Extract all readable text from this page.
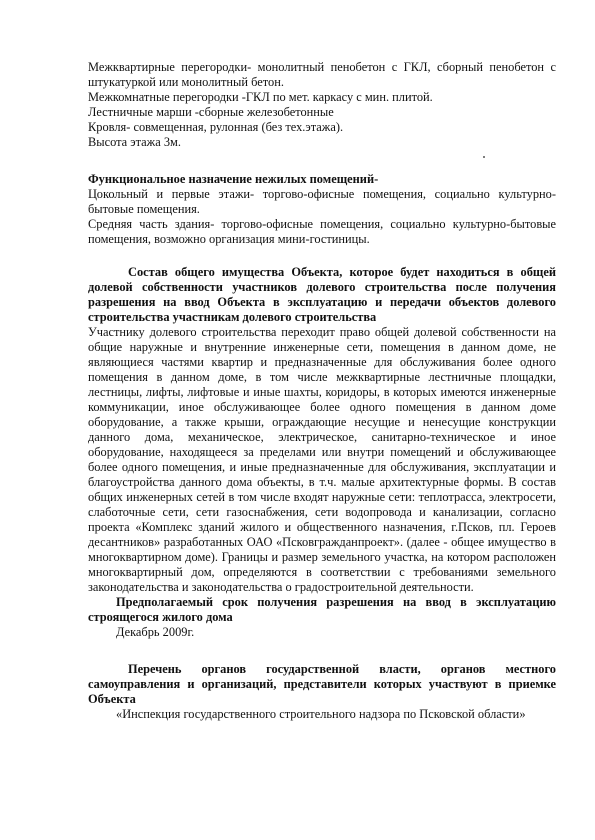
Межквартирные перегородки- монолитный пенобетон с ГКЛ, сборный пенобетон с штукатуркой или монолитный бетон.

Межкомнатные перегородки -ГКЛ по мет. каркасу с мин. плитой.

Лестничные марши -сборные железобетонные

Кровля- совмещенная, рулонная (без тех.этажа).

Высота этажа 3м.

Функциональное назначение нежилых помещений-

Цокольный и первые этажи- торгово-офисные помещения, социально культурно-бытовые помещения.

Средняя часть здания- торгово-офисные помещения, социально культурно-бытовые помещения, возможно организация мини-гостиницы.

Состав общего имущества Объекта, которое будет находиться в общей долевой собственности участников долевого строительства после получения разрешения на ввод Объекта в эксплуатацию и передачи объектов долевого строительства участникам долевого строительства

Участнику долевого строительства переходит право общей долевой собственности на общие наружные и внутренние инженерные сети, помещения в данном доме, не являющиеся частями квартир и предназначенные для обслуживания более одного помещения в данном доме, в том числе межквартирные лестничные площадки, лестницы, лифты, лифтовые и иные шахты, коридоры, в которых имеются инженерные коммуникации, иное обслуживающее более одного помещения в данном доме оборудование, а также крыши, ограждающие несущие и ненесущие конструкции данного дома, механическое, электрическое, санитарно-техническое и иное оборудование, находящееся за пределами или внутри помещений и обслуживающее более одного помещения, и иные предназначенные для обслуживания, эксплуатации и благоустройства данного дома объекты, в т.ч. малые архитектурные формы. В состав общих инженерных сетей в том числе входят наружные сети: теплотрасса, электросети, слаботочные сети, сети газоснабжения, сети водопровода и канализации, согласно проекта «Комплекс зданий жилого и общественного назначения, г.Псков, пл. Героев десантников» разработанных ОАО «Псковгражданпроект». (далее - общее имущество в многоквартирном доме). Границы и размер земельного участка, на котором расположен многоквартирный дом, определяются в соответствии с требованиями земельного законодательства и законодательства о градостроительной деятельности.

Предполагаемый срок получения разрешения на ввод в эксплуатацию строящегося жилого дома

Декабрь 2009г.

Перечень органов государственной власти, органов местного самоуправления и организаций, представители которых участвуют в приемке Объекта

«Инспекция государственного строительного надзора по Псковской области»
